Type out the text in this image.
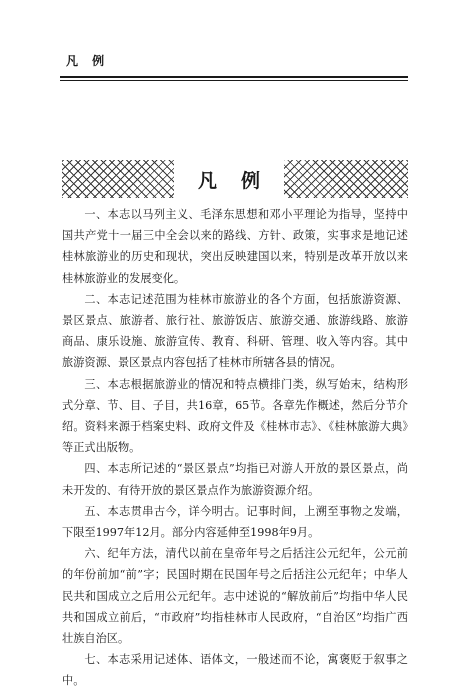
凡 例
凡例

一、本志以马列主义、毛泽东思想和邓小平理论为指导，坚持中国共产党十一届三中全会以来的路线、方针、政策，实事求是地记述桂林旅游业的历史和现状，突出反映建国以来，特别是改革开放以来桂林旅游业的发展变化。

二、本志记述范围为桂林市旅游业的各个方面，包括旅游资源、景区景点、旅游者、旅行社、旅游饭店、旅游交通、旅游线路、旅游商品、康乐设施、旅游宣传、教育、科研、管理、收入等内容。其中旅游资源、景区景点内容包括了桂林市所辖各县的情况。

三、本志根据旅游业的情况和特点横排门类，纵写始末，结构形式分章、节、目、子目，共16章，65节。各章先作概述，然后分节介绍。资料来源于档案史料、政府文件及《桂林市志》、《桂林旅游大典》等正式出版物。

四、本志所记述的“景区景点”均指已对游人开放的景区景点，尚未开发的、有待开放的景区景点作为旅游资源介绍。

五、本志贯串古今，详今明古。记事时间，上溯至事物之发端，下限至1997年12月。部分内容延伸至1998年9月。

六、纪年方法，清代以前在皇帝年号之后括注公元纪年，公元前的年份前加“前”字；民国时期在民国年号之后括注公元纪年；中华人民共和国成立之后用公元纪年。志中述说的“解放前后”均指中华人民共和国成立前后，“市政府”均指桂林市人民政府，“自治区”均指广西壮族自治区。

七、本志采用记述体、语体文，一般述而不论，寓褒贬于叙事之中。
